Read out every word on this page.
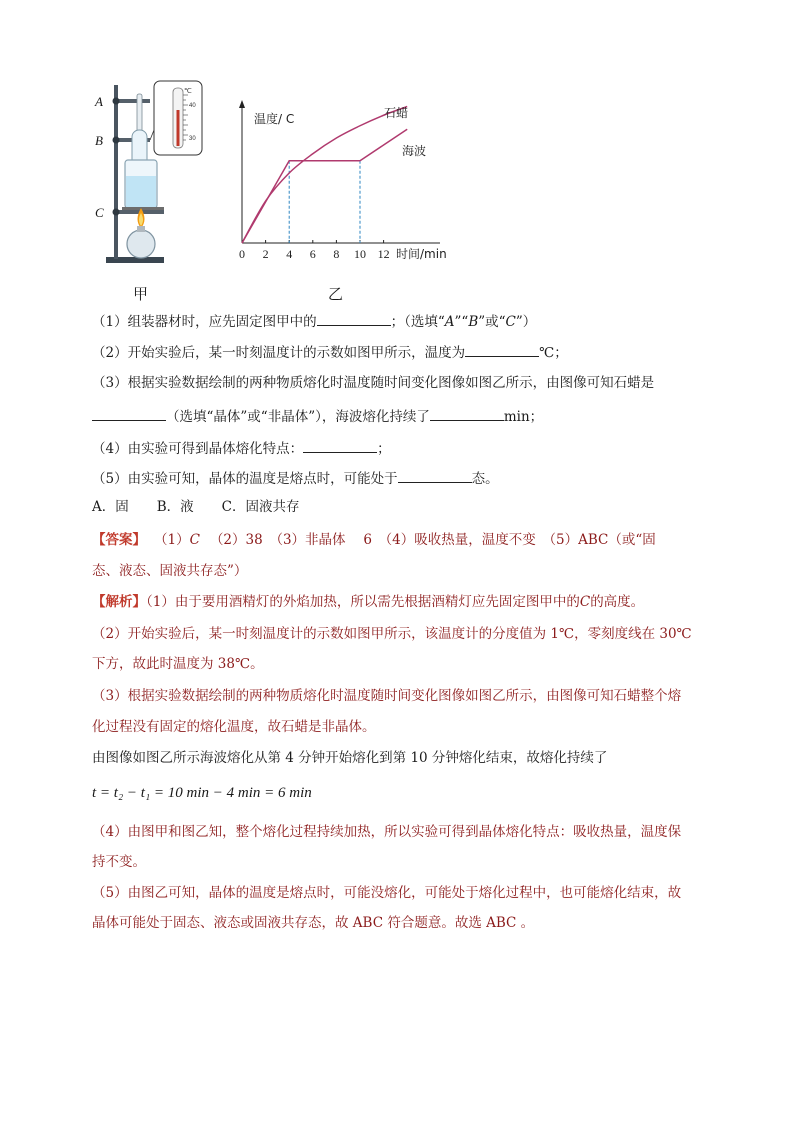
℃
40
30
A
B
C
温度/ C
时间/min
0 2 4 6 8 10 12
石蜡
海波
甲	乙
（1）组装器材时，应先固定图甲中的	；（选填“A”“B”或“C”）
（2）开始实验后，某一时刻温度计的示数如图甲所示，温度为	℃；
（3）根据实验数据绘制的两种物质熔化时温度随时间变化图像如图乙所示，由图像可知石蜡是
（选填“晶体”或“非晶体”），海波熔化持续了	min；
（4）由实验可得到晶体熔化特点：	；
（5）由实验可知，晶体的温度是熔点时，可能处于	态。
A．固 B．液 C．固液共存
【答案】 （1）C （2）38　（3）非晶体　 6　（4）吸收热量，温度不变　（5）ABC（或“固
态、液态、固液共存态”）
【解析】（1）由于要用酒精灯的外焰加热，所以需先根据酒精灯应先固定图甲中的C的高度。
（2）开始实验后，某一时刻温度计的示数如图甲所示，该温度计的分度值为 1℃，零刻度线在 30℃
下方，故此时温度为 38℃。
（3）根据实验数据绘制的两种物质熔化时温度随时间变化图像如图乙所示，由图像可知石蜡整个熔
化过程没有固定的熔化温度，故石蜡是非晶体。
由图像如图乙所示海波熔化从第 4 分钟开始熔化到第 10 分钟熔化结束，故熔化持续了
t = t₂ − t₁ = 10 min − 4 min = 6 min
（4）由图甲和图乙知，整个熔化过程持续加热，所以实验可得到晶体熔化特点：吸收热量，温度保
持不变。
（5）由图乙可知，晶体的温度是熔点时，可能没熔化，可能处于熔化过程中，也可能熔化结束，故
晶体可能处于固态、液态或固液共存态，故 ABC 符合题意。故选 ABC 。
